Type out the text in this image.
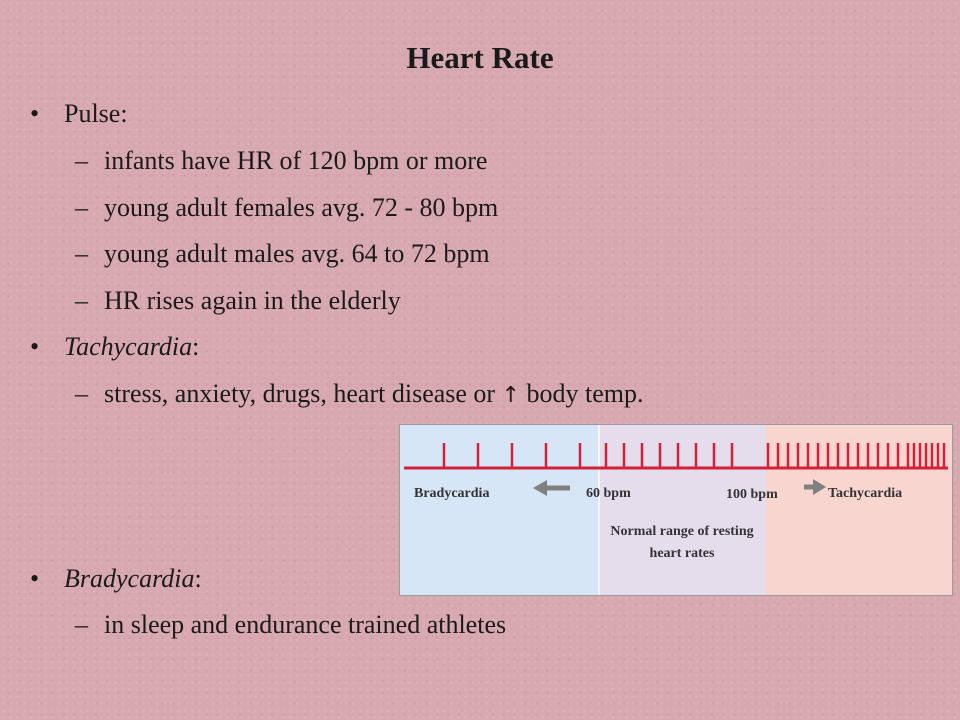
Heart Rate
• Pulse:
– infants have HR of 120 bpm or more
– young adult females avg. 72 - 80 bpm
– young adult males avg. 64 to 72 bpm
– HR rises again in the elderly
• Tachycardia:
– stress, anxiety, drugs, heart disease or ↑ body temp.
• Bradycardia:
– in sleep and endurance trained athletes
Bradycardia	60 bpm	100 bpm	Tachycardia
Normal range of resting heart rates
